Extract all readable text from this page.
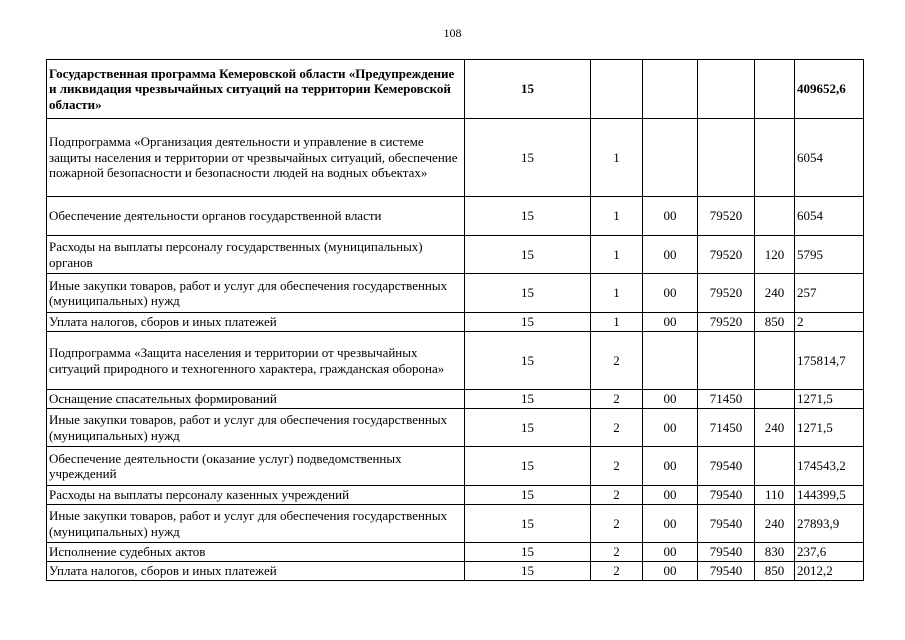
108
Государственная программа Кемеровской области «Предупреждение и ликвидация чрезвычайных ситуаций на территории Кемеровской области»	15					409652,6
Подпрограмма «Организация деятельности и управление в системе защиты населения и территории от чрезвычайных ситуаций, обеспечение пожарной безопасности и безопасности людей на водных объектах»	15	1				6054
Обеспечение деятельности органов государственной власти	15	1	00	79520		6054
Расходы на выплаты персоналу государственных (муниципальных) органов	15	1	00	79520	120	5795
Иные закупки товаров, работ и услуг для обеспечения государственных (муниципальных) нужд	15	1	00	79520	240	257
Уплата налогов, сборов и иных платежей	15	1	00	79520	850	2
Подпрограмма «Защита населения и территории от чрезвычайных ситуаций природного и техногенного характера, гражданская оборона»	15	2				175814,7
Оснащение спасательных формирований	15	2	00	71450		1271,5
Иные закупки товаров, работ и услуг для обеспечения государственных (муниципальных) нужд	15	2	00	71450	240	1271,5
Обеспечение деятельности (оказание услуг) подведомственных учреждений	15	2	00	79540		174543,2
Расходы на выплаты персоналу казенных учреждений	15	2	00	79540	110	144399,5
Иные закупки товаров, работ и услуг для обеспечения государственных (муниципальных) нужд	15	2	00	79540	240	27893,9
Исполнение судебных актов	15	2	00	79540	830	237,6
Уплата налогов, сборов и иных платежей	15	2	00	79540	850	2012,2
